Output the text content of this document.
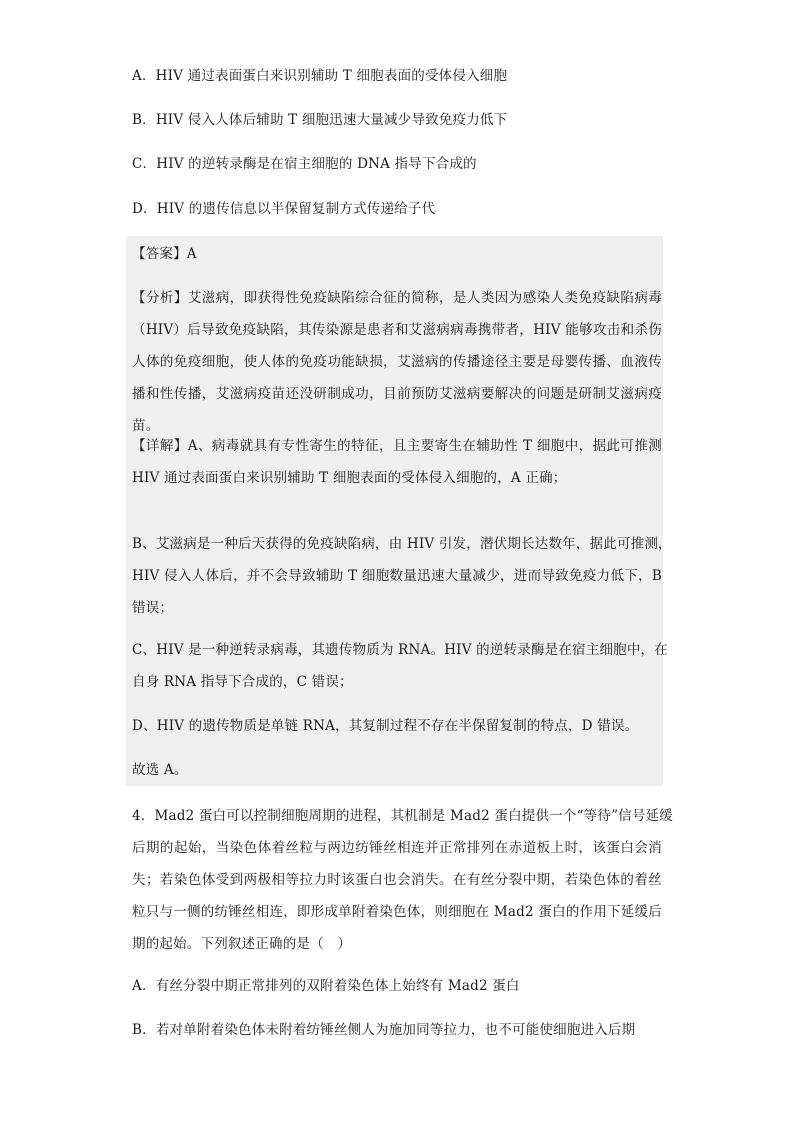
A．HIV 通过表面蛋白来识别辅助 T 细胞表面的受体侵入细胞
B．HIV 侵入人体后辅助 T 细胞迅速大量减少导致免疫力低下
C．HIV 的逆转录酶是在宿主细胞的 DNA 指导下合成的
D．HIV 的遗传信息以半保留复制方式传递给子代
【答案】A
【分析】艾滋病，即获得性免疫缺陷综合征的简称，是人类因为感染人类免疫缺陷病毒
（HIV）后导致免疫缺陷，其传染源是患者和艾滋病病毒携带者，HIV 能够攻击和杀伤
人体的免疫细胞，使人体的免疫功能缺损，艾滋病的传播途径主要是母婴传播、血液传
播和性传播，艾滋病疫苗还没研制成功，目前预防艾滋病要解决的问题是研制艾滋病疫
苗。
【详解】A、病毒就具有专性寄生的特征，且主要寄生在辅助性 T 细胞中，据此可推测
HIV 通过表面蛋白来识别辅助 T 细胞表面的受体侵入细胞的，A 正确；
B、艾滋病是一种后天获得的免疫缺陷病，由 HIV 引发，潜伏期长达数年，据此可推测，
HIV 侵入人体后，并不会导致辅助 T 细胞数量迅速大量减少，进而导致免疫力低下，B
错误；
C、HIV 是一种逆转录病毒，其遗传物质为 RNA。HIV 的逆转录酶是在宿主细胞中，在
自身 RNA 指导下合成的，C 错误；
D、HIV 的遗传物质是单链 RNA，其复制过程不存在半保留复制的特点，D 错误。
故选 A。
4．Mad2 蛋白可以控制细胞周期的进程，其机制是 Mad2 蛋白提供一个“等待”信号延缓
后期的起始，当染色体着丝粒与两边纺锤丝相连并正常排列在赤道板上时，该蛋白会消
失；若染色体受到两极相等拉力时该蛋白也会消失。在有丝分裂中期，若染色体的着丝
粒只与一侧的纺锤丝相连，即形成单附着染色体，则细胞在 Mad2 蛋白的作用下延缓后
期的起始。下列叙述正确的是（　）
A．有丝分裂中期正常排列的双附着染色体上始终有 Mad2 蛋白
B．若对单附着染色体未附着纺锤丝侧人为施加同等拉力，也不可能使细胞进入后期
